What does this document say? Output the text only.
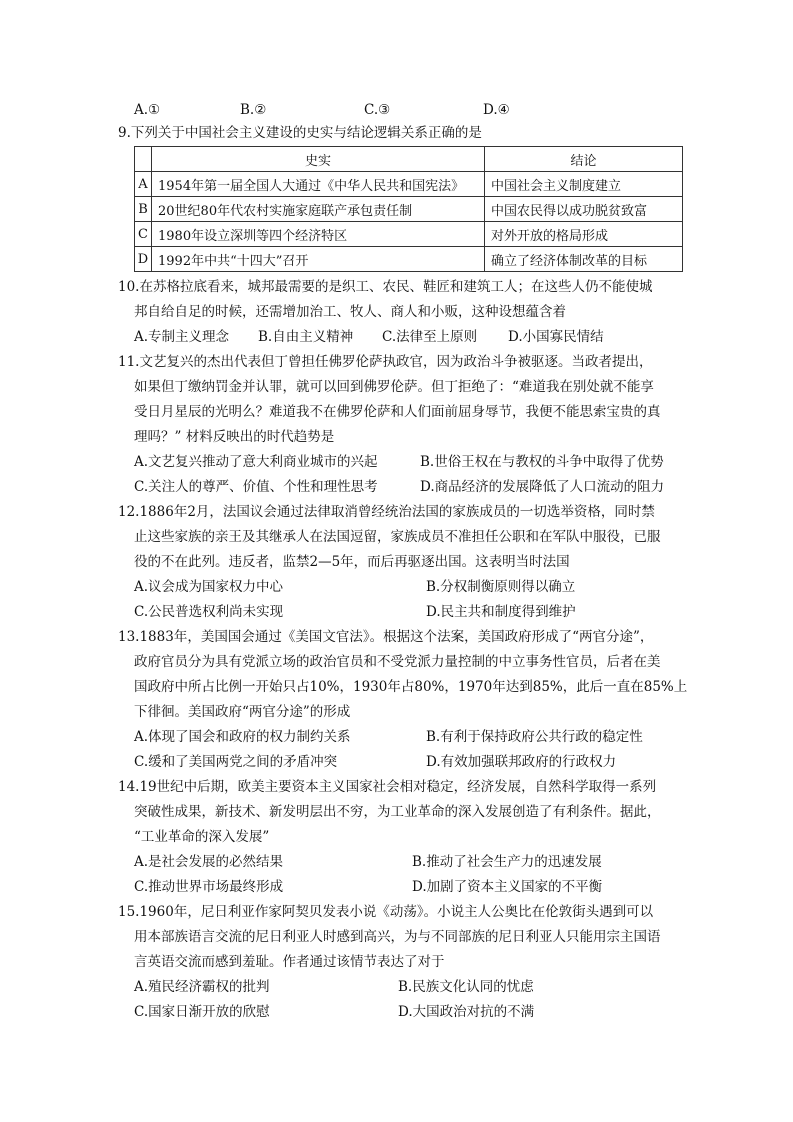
A.①	B.②	C.③	D.④
9.下列关于中国社会主义建设的史实与结论逻辑关系正确的是
	史实	结论
A	1954年第一届全国人大通过《中华人民共和国宪法》	中国社会主义制度建立
B	20世纪80年代农村实施家庭联产承包责任制	中国农民得以成功脱贫致富
C	1980年设立深圳等四个经济特区	对外开放的格局形成
D	1992年中共“十四大”召开	确立了经济体制改革的目标
10.在苏格拉底看来，城邦最需要的是织工、农民、鞋匠和建筑工人；在这些人仍不能使城
邦自给自足的时候，还需增加治工、牧人、商人和小贩，这种设想蕴含着
A.专制主义理念 B.自由主义精神 C.法律至上原则 D.小国寡民情结
11.文艺复兴的杰出代表但丁曾担任佛罗伦萨执政官，因为政治斗争被驱逐。当政者提出，
如果但丁缴纳罚金并认罪，就可以回到佛罗伦萨。但丁拒绝了：“难道我在别处就不能享
受日月星辰的光明么？难道我不在佛罗伦萨和人们面前屈身辱节，我便不能思索宝贵的真
理吗？” 材料反映出的时代趋势是
A.文艺复兴推动了意大利商业城市的兴起	B.世俗王权在与教权的斗争中取得了优势
C.关注人的尊严、价值、个性和理性思考	D.商品经济的发展降低了人口流动的阻力
12.1886年2月，法国议会通过法律取消曾经统治法国的家族成员的一切选举资格，同时禁
止这些家族的亲王及其继承人在法国逗留，家族成员不准担任公职和在军队中服役，已服
役的不在此列。违反者，监禁2—5年，而后再驱逐出国。这表明当时法国
A.议会成为国家权力中心	B.分权制衡原则得以确立
C.公民普选权利尚未实现	D.民主共和制度得到维护
13.1883年，美国国会通过《美国文官法》。根据这个法案，美国政府形成了“两官分途”，
政府官员分为具有党派立场的政治官员和不受党派力量控制的中立事务性官员，后者在美
国政府中所占比例一开始只占10%，1930年占80%，1970年达到85%，此后一直在85%上
下徘徊。美国政府“两官分途”的形成
A.体现了国会和政府的权力制约关系	B.有利于保持政府公共行政的稳定性
C.缓和了美国两党之间的矛盾冲突	D.有效加强联邦政府的行政权力
14.19世纪中后期，欧美主要资本主义国家社会相对稳定，经济发展，自然科学取得一系列
突破性成果，新技术、新发明层出不穷，为工业革命的深入发展创造了有利条件。据此，
“工业革命的深入发展”
A.是社会发展的必然结果	B.推动了社会生产力的迅速发展
C.推动世界市场最终形成	D.加剧了资本主义国家的不平衡
15.1960年，尼日利亚作家阿契贝发表小说《动荡》。小说主人公奥比在伦敦街头遇到可以
用本部族语言交流的尼日利亚人时感到高兴，为与不同部族的尼日利亚人只能用宗主国语
言英语交流而感到羞耻。作者通过该情节表达了对于
A.殖民经济霸权的批判	B.民族文化认同的忧虑
C.国家日渐开放的欣慰	D.大国政治对抗的不满
